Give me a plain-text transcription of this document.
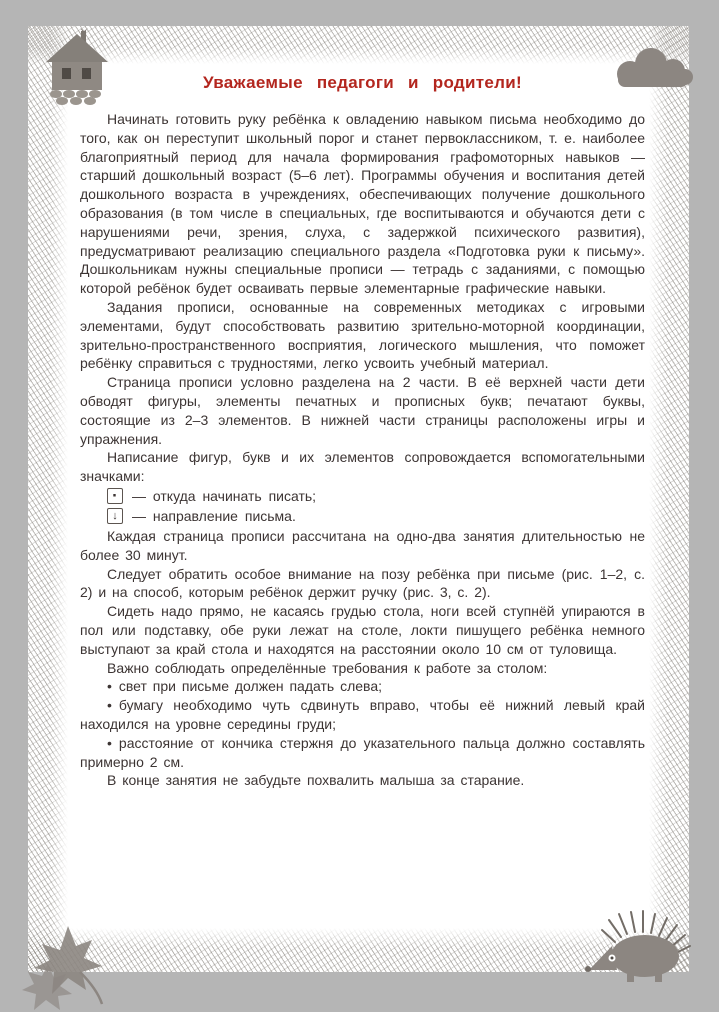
Уважаемые педагоги и родители!

Начинать готовить руку ребёнка к овладению навыком письма необходимо до того, как он переступит школьный порог и станет первоклассником, т. е. наиболее благоприятный период для начала формирования графомоторных навыков — старший дошкольный возраст (5–6 лет). Программы обучения и воспитания детей дошкольного возраста в учреждениях, обеспечивающих получение дошкольного образования (в том числе в специальных, где воспитываются и обучаются дети с нарушениями речи, зрения, слуха, с задержкой психического развития), предусматривают реализацию специального раздела «Подготовка руки к письму». Дошкольникам нужны специальные прописи — тетрадь с заданиями, с помощью которой ребёнок будет осваивать первые элементарные графические навыки.

Задания прописи, основанные на современных методиках с игровыми элементами, будут способствовать развитию зрительно-моторной координации, зрительно-пространственного восприятия, логического мышления, что поможет ребёнку справиться с трудностями, легко усвоить учебный материал.

Страница прописи условно разделена на 2 части. В её верхней части дети обводят фигуры, элементы печатных и прописных букв; печатают буквы, состоящие из 2–3 элементов. В нижней части страницы расположены игры и упражнения.

Написание фигур, букв и их элементов сопровождается вспомогательными значками:

· — откуда начинать писать;
↓ — направление письма.

Каждая страница прописи рассчитана на одно-два занятия длительностью не более 30 минут.

Следует обратить особое внимание на позу ребёнка при письме (рис. 1–2, с. 2) и на способ, которым ребёнок держит ручку (рис. 3, с. 2).

Сидеть надо прямо, не касаясь грудью стола, ноги всей ступнёй упираются в пол или подставку, обе руки лежат на столе, локти пишущего ребёнка немного выступают за край стола и находятся на расстоянии около 10 см от туловища.

Важно соблюдать определённые требования к работе за столом:

• свет при письме должен падать слева;

• бумагу необходимо чуть сдвинуть вправо, чтобы её нижний левый край находился на уровне середины груди;

• расстояние от кончика стержня до указательного пальца должно составлять примерно 2 см.

В конце занятия не забудьте похвалить малыша за старание.
